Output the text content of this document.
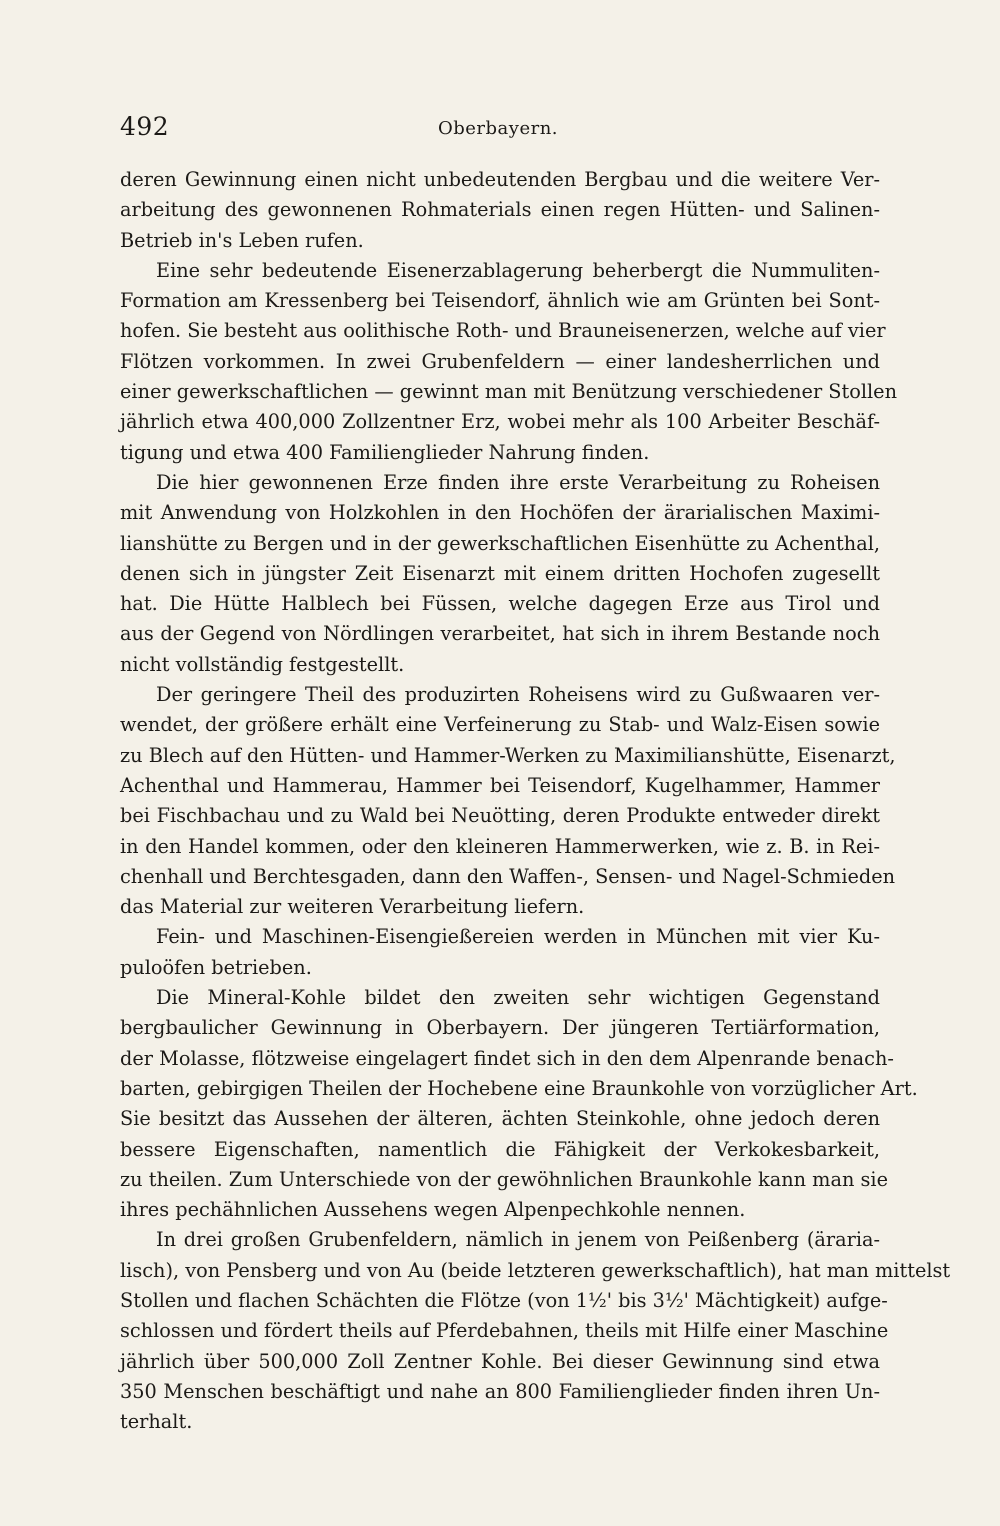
492	Oberbayern.
deren Gewinnung einen nicht unbedeutenden Bergbau und die weitere Ver-
arbeitung des gewonnenen Rohmaterials einen regen Hütten- und Salinen-
Betrieb in's Leben rufen.
Eine sehr bedeutende Eisenerzablagerung beherbergt die Nummuliten-
Formation am Kressenberg bei Teisendorf, ähnlich wie am Grünten bei Sont-
hofen. Sie besteht aus oolithische Roth- und Brauneisenerzen, welche auf vier
Flötzen vorkommen. In zwei Grubenfeldern — einer landesherrlichen und
einer gewerkschaftlichen — gewinnt man mit Benützung verschiedener Stollen
jährlich etwa 400,000 Zollzentner Erz, wobei mehr als 100 Arbeiter Beschäf-
tigung und etwa 400 Familienglieder Nahrung finden.
Die hier gewonnenen Erze finden ihre erste Verarbeitung zu Roheisen
mit Anwendung von Holzkohlen in den Hochöfen der ärarialischen Maximi-
lianshütte zu Bergen und in der gewerkschaftlichen Eisenhütte zu Achenthal,
denen sich in jüngster Zeit Eisenarzt mit einem dritten Hochofen zugesellt
hat. Die Hütte Halblech bei Füssen, welche dagegen Erze aus Tirol und
aus der Gegend von Nördlingen verarbeitet, hat sich in ihrem Bestande noch
nicht vollständig festgestellt.
Der geringere Theil des produzirten Roheisens wird zu Gußwaaren ver-
wendet, der größere erhält eine Verfeinerung zu Stab- und Walz-Eisen sowie
zu Blech auf den Hütten- und Hammer-Werken zu Maximilianshütte, Eisenarzt,
Achenthal und Hammerau, Hammer bei Teisendorf, Kugelhammer, Hammer
bei Fischbachau und zu Wald bei Neuötting, deren Produkte entweder direkt
in den Handel kommen, oder den kleineren Hammerwerken, wie z. B. in Rei-
chenhall und Berchtesgaden, dann den Waffen-, Sensen- und Nagel-Schmieden
das Material zur weiteren Verarbeitung liefern.
Fein- und Maschinen-Eisengießereien werden in München mit vier Ku-
puloöfen betrieben.
Die Mineral-Kohle bildet den zweiten sehr wichtigen Gegenstand
bergbaulicher Gewinnung in Oberbayern. Der jüngeren Tertiärformation,
der Molasse, flötzweise eingelagert findet sich in den dem Alpenrande benach-
barten, gebirgigen Theilen der Hochebene eine Braunkohle von vorzüglicher Art.
Sie besitzt das Aussehen der älteren, ächten Steinkohle, ohne jedoch deren
bessere Eigenschaften, namentlich die Fähigkeit der Verkokesbarkeit,
zu theilen. Zum Unterschiede von der gewöhnlichen Braunkohle kann man sie
ihres pechähnlichen Aussehens wegen Alpenpechkohle nennen.
In drei großen Grubenfeldern, nämlich in jenem von Peißenberg (äraria-
lisch), von Pensberg und von Au (beide letzteren gewerkschaftlich), hat man mittelst
Stollen und flachen Schächten die Flötze (von 1½' bis 3½' Mächtigkeit) aufge-
schlossen und fördert theils auf Pferdebahnen, theils mit Hilfe einer Maschine
jährlich über 500,000 Zoll Zentner Kohle. Bei dieser Gewinnung sind etwa
350 Menschen beschäftigt und nahe an 800 Familienglieder finden ihren Un-
terhalt.
